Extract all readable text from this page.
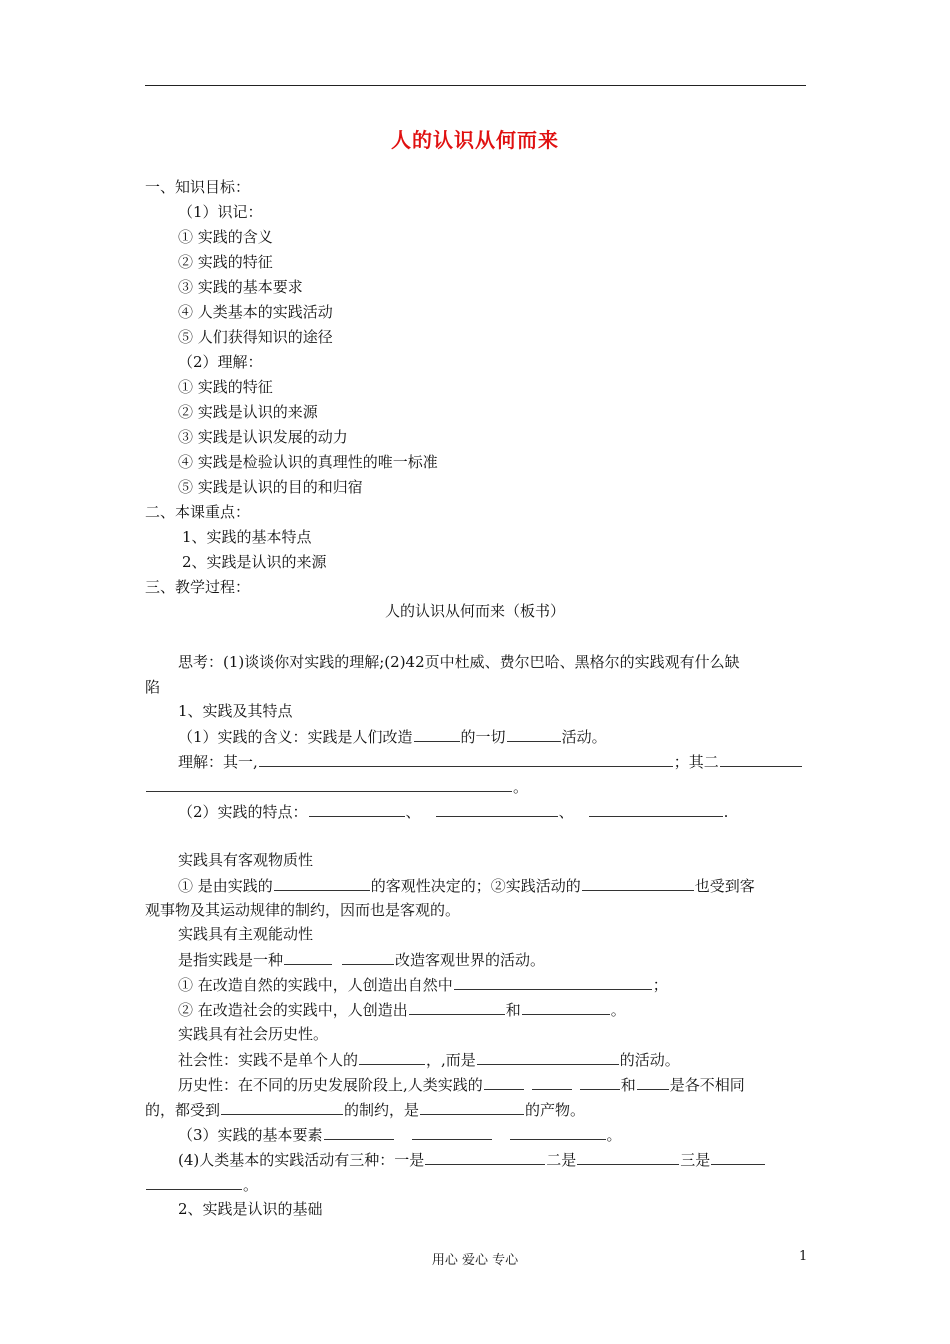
人的认识从何而来
一、知识目标：
（1）识记：
① 实践的含义
② 实践的特征
③ 实践的基本要求
④ 人类基本的实践活动
⑤ 人们获得知识的途径
（2）理解：
① 实践的特征
② 实践是认识的来源
③ 实践是认识发展的动力
④ 实践是检验认识的真理性的唯一标准
⑤ 实践是认识的目的和归宿
二、本课重点：
1、实践的基本特点
2、实践是认识的来源
三、教学过程：
人的认识从何而来（板书）
思考：(1)谈谈你对实践的理解;(2)42页中杜威、费尔巴哈、黑格尔的实践观有什么缺
陷
1、实践及其特点
（1）实践的含义：实践是人们改造	的一切	活动。
理解：其一,	；其二
。
（2）实践的特点：	、	、	.
实践具有客观物质性
① 是由实践的	的客观性决定的；②实践活动的	也受到客
观事物及其运动规律的制约，因而也是客观的。
实践具有主观能动性
是指实践是一种	改造客观世界的活动。
① 在改造自然的实践中，人创造出自然中	；
② 在改造社会的实践中，人创造出	和	。
实践具有社会历史性。
社会性：实践不是单个人的	，,而是	的活动。
历史性：在不同的历史发展阶段上,人类实践的	和 是各不相同
的，都受到	的制约，是	的产物。
（3）实践的基本要素	。
(4)人类基本的实践活动有三种：一是	二是	三是
。
2、实践是认识的基础
用心 爱心 专心	1
